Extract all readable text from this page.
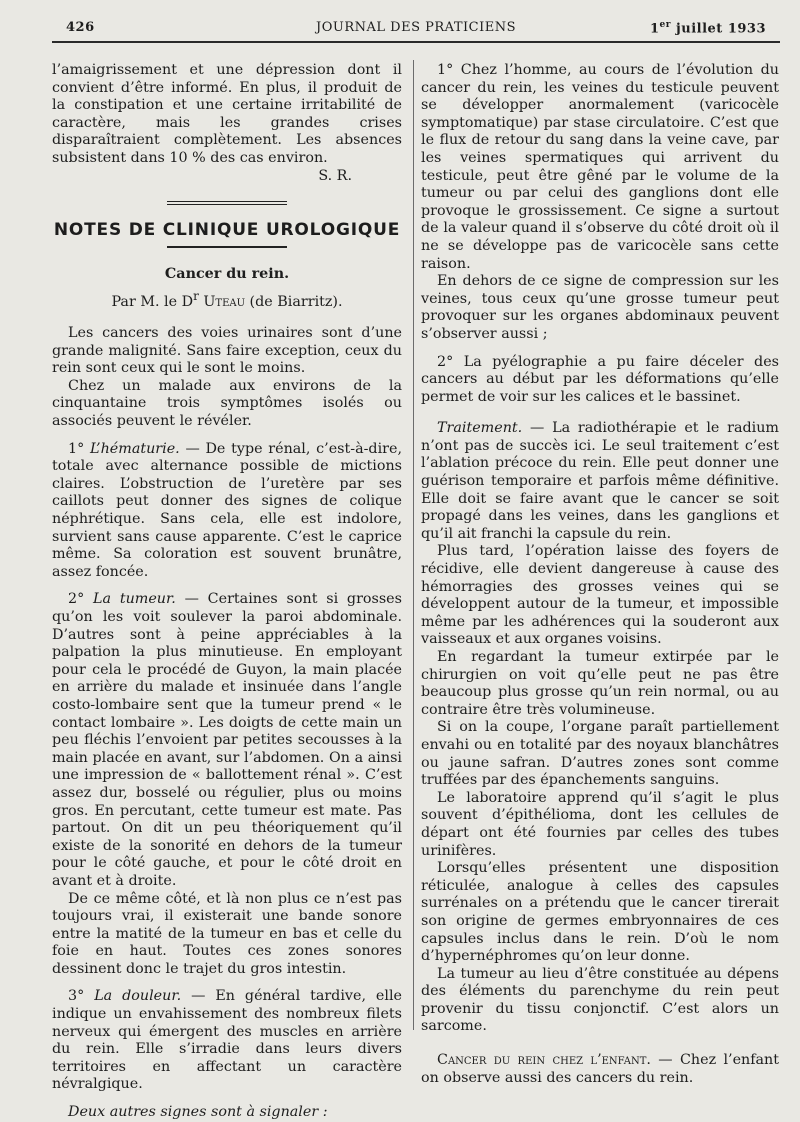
426	JOURNAL DES PRATICIENS	1er juillet 1933

l’amaigrissement et une dépression dont il convient d’être informé. En plus, il produit de la constipation et une certaine irritabilité de caractère, mais les grandes crises disparaîtraient complètement. Les absences subsistent dans 10 % des cas environ.

S. R.

NOTES DE CLINIQUE UROLOGIQUE
Cancer du rein.
Par M. le $D^r$ Uteau (de Biarritz).

Les cancers des voies urinaires sont d’une grande malignité. Sans faire exception, ceux du rein sont ceux qui le sont le moins.

Chez un malade aux environs de la cinquantaine trois symptômes isolés ou associés peuvent le révéler.

1° L’hématurie. — De type rénal, c’est-à-dire, totale avec alternance possible de mictions claires. L’obstruction de l’uretère par ses caillots peut donner des signes de colique néphrétique. Sans cela, elle est indolore, survient sans cause apparente. C’est le caprice même. Sa coloration est souvent brunâtre, assez foncée.

2° La tumeur. — Certaines sont si grosses qu’on les voit soulever la paroi abdominale. D’autres sont à peine appréciables à la palpation la plus minutieuse. En employant pour cela le procédé de Guyon, la main placée en arrière du malade et insinuée dans l’angle costo-lombaire sent que la tumeur prend « le contact lombaire ». Les doigts de cette main un peu fléchis l’envoient par petites secousses à la main placée en avant, sur l’abdomen. On a ainsi une impression de « ballottement rénal ». C’est assez dur, bosselé ou régulier, plus ou moins gros. En percutant, cette tumeur est mate. Pas partout. On dit un peu théoriquement qu’il existe de la sonorité en dehors de la tumeur pour le côté gauche, et pour le côté droit en avant et à droite.

De ce même côté, et là non plus ce n’est pas toujours vrai, il existerait une bande sonore entre la matité de la tumeur en bas et celle du foie en haut. Toutes ces zones sonores dessinent donc le trajet du gros intestin.

3° La douleur. — En général tardive, elle indique un envahissement des nombreux filets nerveux qui émergent des muscles en arrière du rein. Elle s’irradie dans leurs divers territoires en affectant un caractère névralgique.

Deux autres signes sont à signaler :

1° Chez l’homme, au cours de l’évolution du cancer du rein, les veines du testicule peuvent se développer anormalement (varicocèle symptomatique) par stase circulatoire. C’est que le flux de retour du sang dans la veine cave, par les veines spermatiques qui arrivent du testicule, peut être gêné par le volume de la tumeur ou par celui des ganglions dont elle provoque le grossissement. Ce signe a surtout de la valeur quand il s’observe du côté droit où il ne se développe pas de varicocèle sans cette raison.

En dehors de ce signe de compression sur les veines, tous ceux qu’une grosse tumeur peut provoquer sur les organes abdominaux peuvent s’observer aussi ;

2° La pyélographie a pu faire déceler des cancers au début par les déformations qu’elle permet de voir sur les calices et le bassinet.

Traitement. — La radiothérapie et le radium n’ont pas de succès ici. Le seul traitement c’est l’ablation précoce du rein. Elle peut donner une guérison temporaire et parfois même définitive. Elle doit se faire avant que le cancer se soit propagé dans les veines, dans les ganglions et qu’il ait franchi la capsule du rein.

Plus tard, l’opération laisse des foyers de récidive, elle devient dangereuse à cause des hémorragies des grosses veines qui se développent autour de la tumeur, et impossible même par les adhérences qui la souderont aux vaisseaux et aux organes voisins.

En regardant la tumeur extirpée par le chirurgien on voit qu’elle peut ne pas être beaucoup plus grosse qu’un rein normal, ou au contraire être très volumineuse.

Si on la coupe, l’organe paraît partiellement envahi ou en totalité par des noyaux blanchâtres ou jaune safran. D’autres zones sont comme truffées par des épanchements sanguins.

Le laboratoire apprend qu’il s’agit le plus souvent d’épithélioma, dont les cellules de départ ont été fournies par celles des tubes urinifères.

Lorsqu’elles présentent une disposition réticulée, analogue à celles des capsules surrénales on a prétendu que le cancer tirerait son origine de germes embryonnaires de ces capsules inclus dans le rein. D’où le nom d’hypernéphromes qu’on leur donne.

La tumeur au lieu d’être constituée au dépens des éléments du parenchyme du rein peut provenir du tissu conjonctif. C’est alors un sarcome.

Cancer du rein chez l’enfant. — Chez l’enfant on observe aussi des cancers du rein.
